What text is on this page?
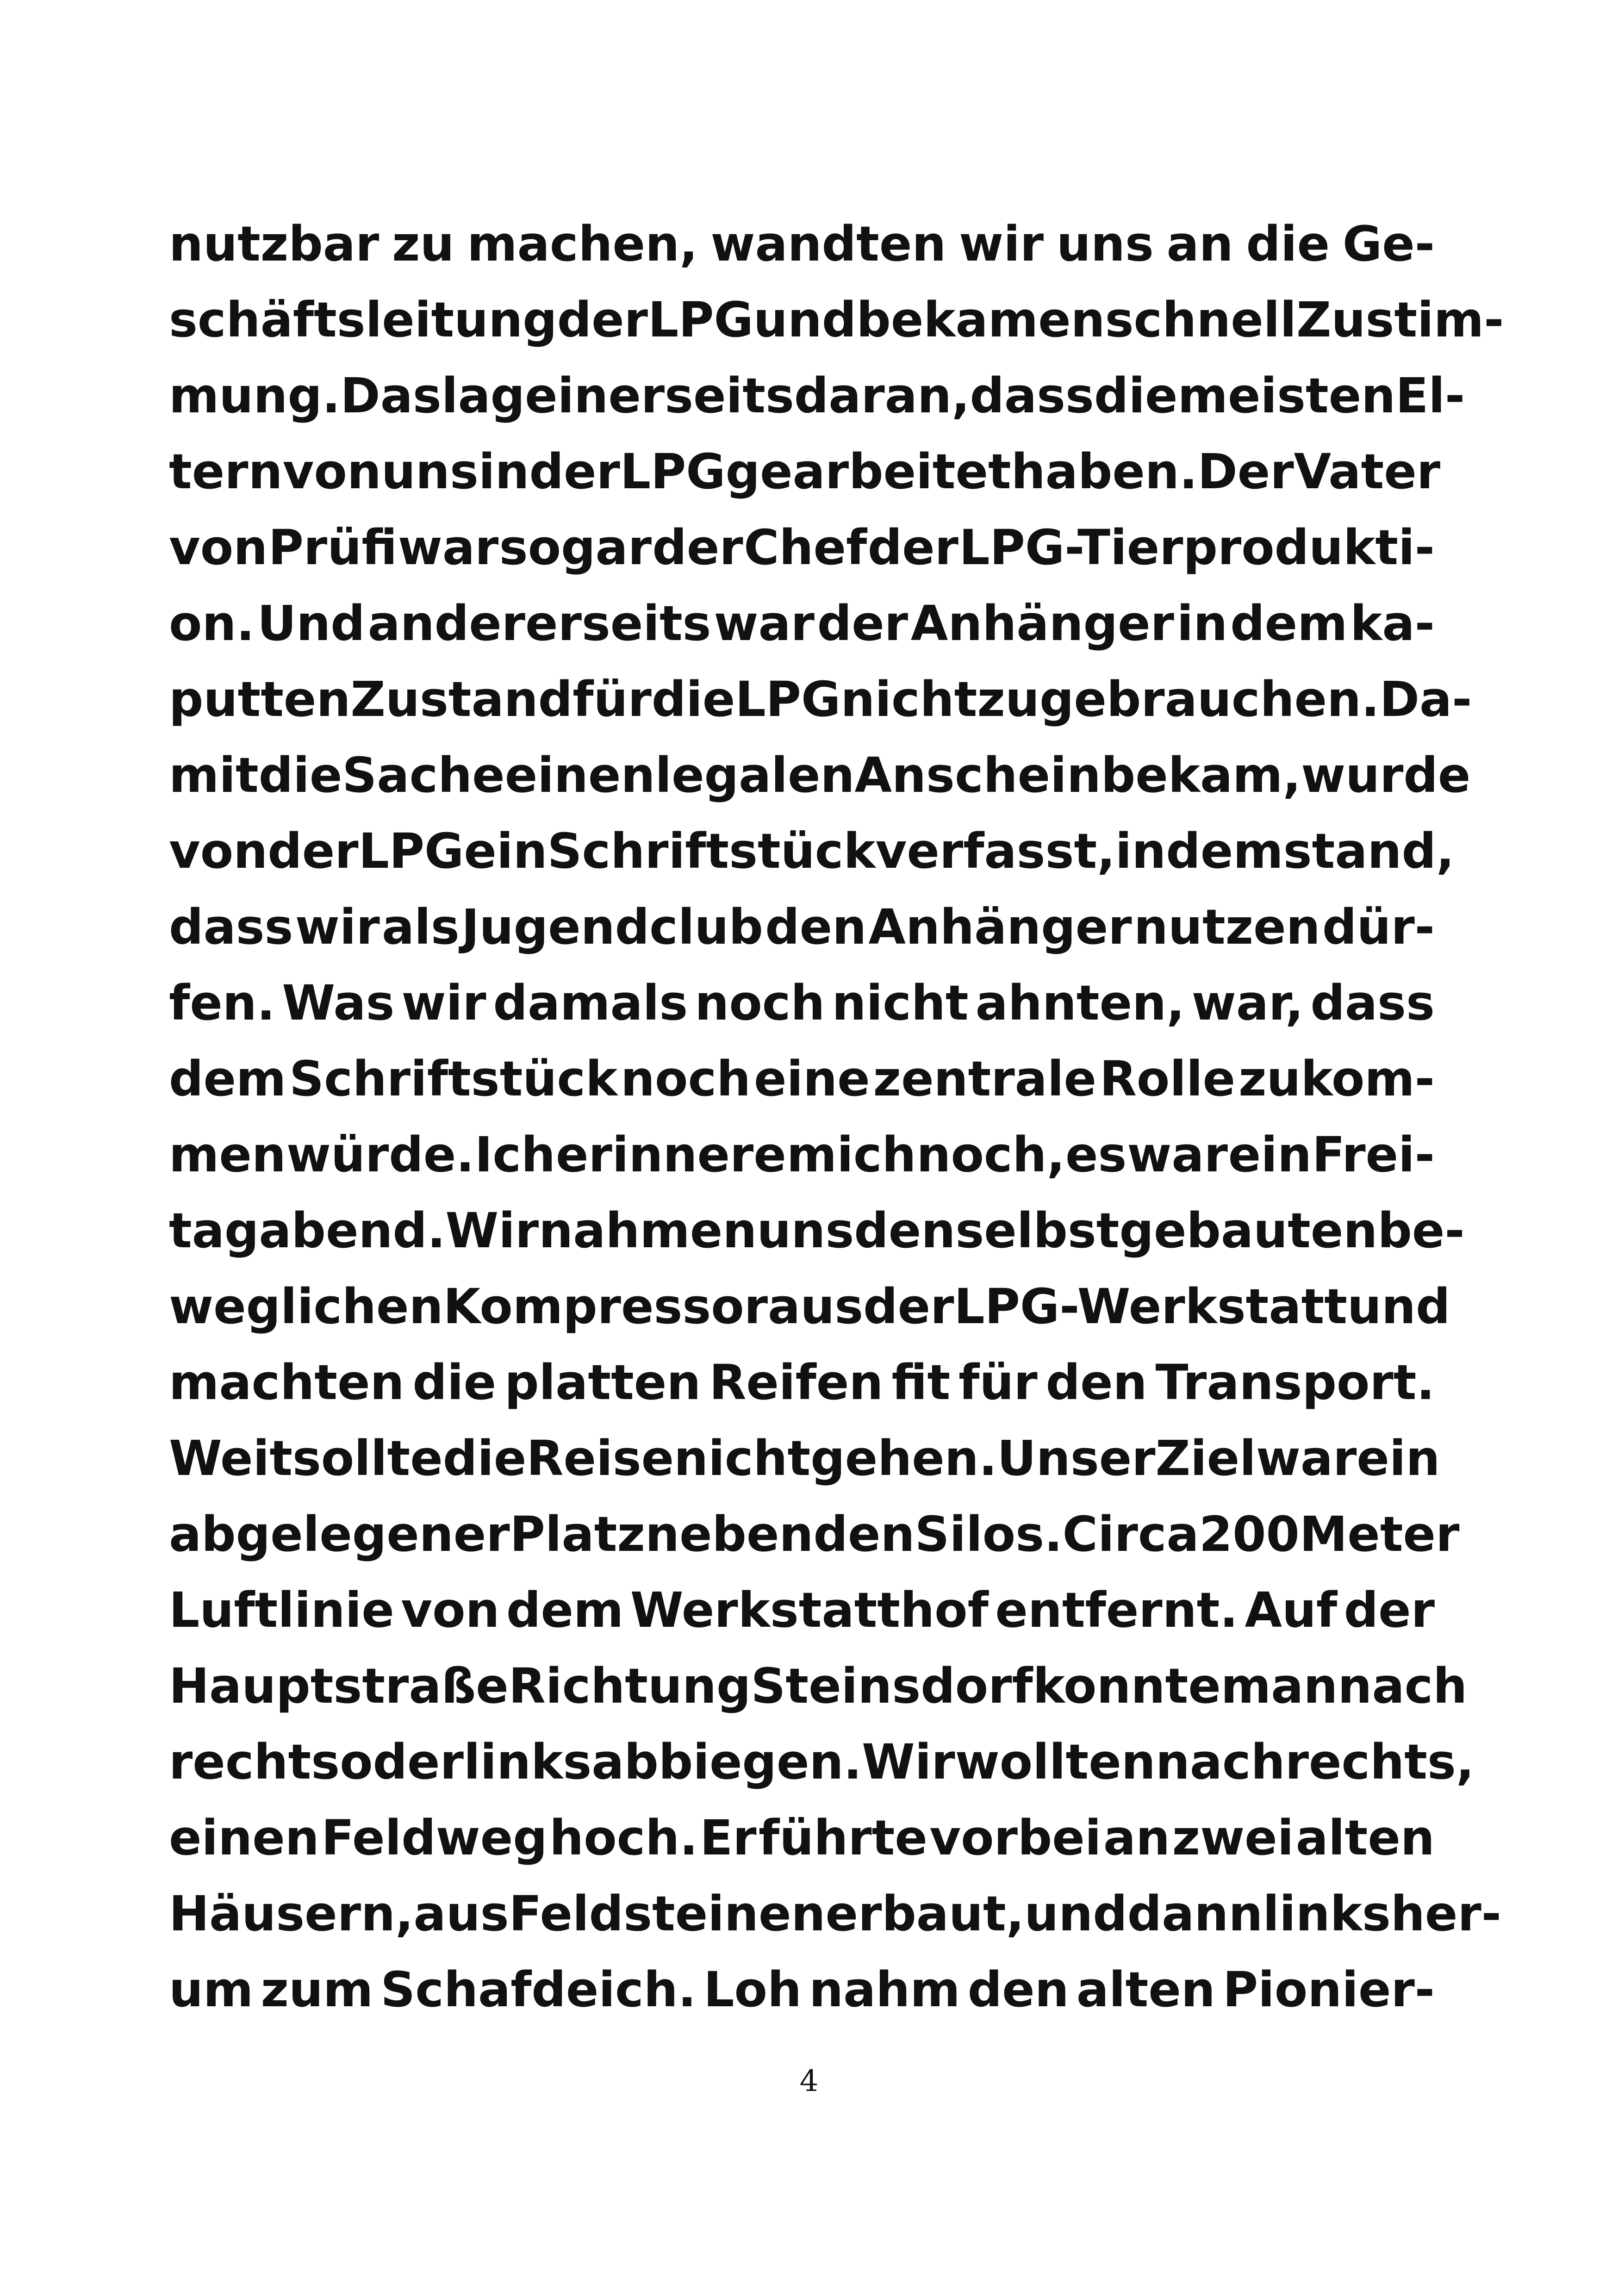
nutzbar zu machen, wandten wir uns an die Ge-
schäftsleitung der LPG und bekamen schnell Zustim-
mung. Das lag einerseits daran, dass die meisten El-
tern von uns in der LPG gearbeitet haben. Der Vater
von Prüfi war sogar der Chef der LPG-Tierprodukti-
on. Und andererseits war der Anhänger in dem ka-
putten Zustand für die LPG nicht zu gebrauchen. Da-
mit die Sache einen legalen Anschein bekam, wurde
von der LPG ein Schriftstück verfasst, in dem stand,
dass wir als Jugendclub den Anhänger nutzen dür-
fen. Was wir damals noch nicht ahnten, war, dass
dem Schriftstück noch eine zentrale Rolle zukom-
men würde. Ich erinnere mich noch, es war ein Frei-
tagabend. Wir nahmen uns den selbstgebauten be-
weglichen Kompressor aus der LPG-Werkstatt und
machten die platten Reifen fit für den Transport.
Weit sollte die Reise nicht gehen. Unser Ziel war ein
abgelegener Platz neben den Silos. Circa 200 Meter
Luftlinie von dem Werkstatthof entfernt. Auf der
Hauptstraße Richtung Steinsdorf konnte man nach
rechts oder links abbiegen. Wir wollten nach rechts,
einen Feldweg hoch. Er führte vorbei an zwei alten
Häusern, aus Feldsteinen erbaut, und dann linksher-
um zum Schafdeich. Loh nahm den alten Pionier-
4
